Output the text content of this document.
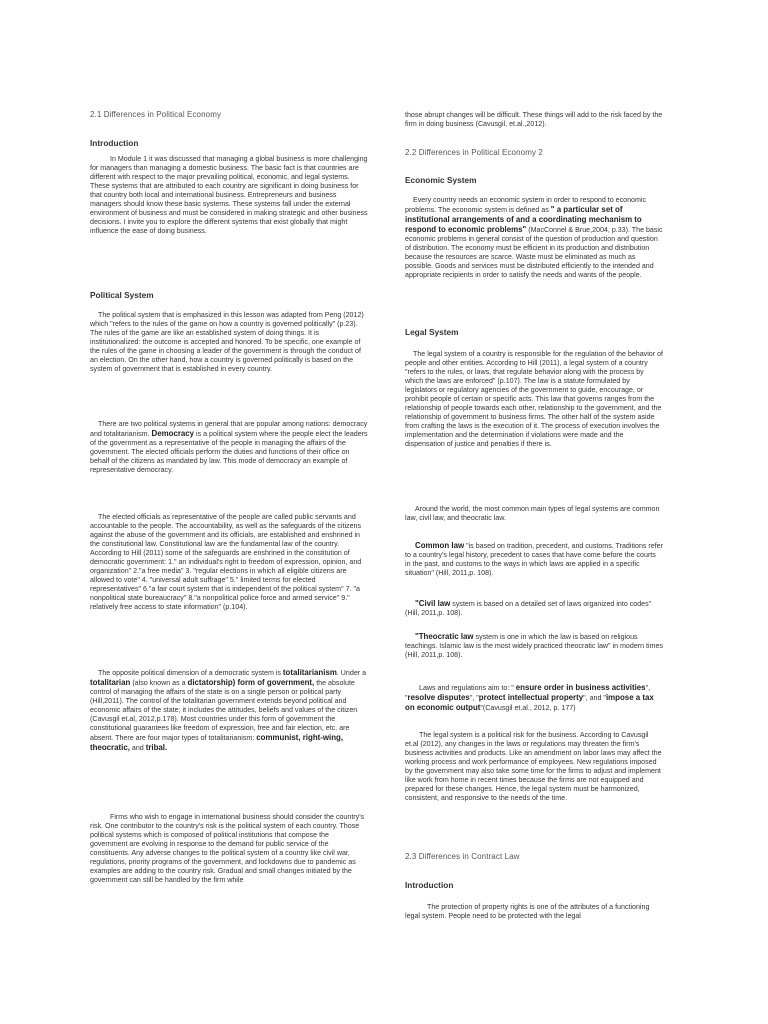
2.1 Differences in Political Economy
Introduction

In Module 1 it was discussed that managing a global business is more challenging for managers than managing a domestic business. The basic fact is that countries are different with respect to the major prevailing political, economic, and legal systems. These systems that are attributed to each country are significant in doing business for that country both local and international business. Entrepreneurs and business managers should know these basic systems. These systems fall under the external environment of business and must be considered in making strategic and other business decisions. I invite you to explore the different systems that exist globally that might influence the ease of doing business.

Political System

The political system that is emphasized in this lesson was adapted from Peng (2012) which "refers to the rules of the game on how a country is governed politically" (p.23). The rules of the game are like an established system of doing things. It is institutionalized: the outcome is accepted and honored. To be specific, one example of the rules of the game in choosing a leader of the government is through the conduct of an election. On the other hand, how a country is governed politically is based on the system of government that is established in every country.

There are two political systems in general that are popular among nations: democracy and totalitarianism. Democracy is a political system where the people elect the leaders of the government as a representative of the people in managing the affairs of the government. The elected officials perform the duties and functions of their office on behalf of the citizens as mandated by law. This mode of democracy an example of representative democracy.

The elected officials as representative of the people are called public servants and accountable to the people. The accountability, as well as the safeguards of the citizens against the abuse of the government and its officials, are established and enshrined in the constitutional law. Constitutional law are the fundamental law of the country. According to Hill (2011) some of the safeguards are enshrined in the constitution of democratic government: 1." an individual's right to freedom of expression, opinion, and organization" 2."a free media" 3. "regular elections in which all eligible citizens are allowed to vote" 4. "universal adult suffrage" 5." limited terms for elected representatives" 6."a fair court system that is independent of the political system" 7. "a nonpolitical state bureaucracy" 8."a nonpolitical police force and armed service" 9." relatively free access to state information" (p.104).

The opposite political dimension of a democratic system is totalitarianism. Under a totalitarian (also known as a dictatorship) form of government, the absolute control of managing the affairs of the state is on a single person or political party (Hill,2011). The control of the totalitarian government extends beyond political and economic affairs of the state; it includes the attitudes, beliefs and values of the citizen (Cavusgil et.al, 2012,p.178). Most countries under this form of government the constitutional guarantees like freedom of expression, free and fair election, etc. are absent. There are four major types of totalitarianism: communist, right-wing, theocratic, and tribal.

Firms who wish to engage in international business should consider the country's risk. One contributor to the country's risk is the political system of each country. Those political systems which is composed of political institutions that compose the government are evolving in response to the demand for public service of the constituents. Any adverse changes to the political system of a country like civil war, regulations, priority programs of the government, and lockdowns due to pandemic as examples are adding to the country risk. Gradual and small changes initiated by the government can still be handled by the firm while

those abrupt changes will be difficult. These things will add to the risk faced by the firm in doing business (Cavusgil, et.al.,2012).

2.2 Differences in Political Economy 2
Economic System

Every country needs an economic system in order to respond to economic problems. The economic system is defined as " a particular set of institutional arrangements of and a coordinating mechanism to respond to economic problems" (MacConnel & Brue,2004, p.33). The basic economic problems in general consist of the question of production and question of distribution. The economy must be efficient in its production and distribution because the resources are scarce. Waste must be eliminated as much as possible. Goods and services must be distributed efficiently to the intended and appropriate recipients in order to satisfy the needs and wants of the people.

Legal System

The legal system of a country is responsible for the regulation of the behavior of people and other entities. According to Hill (2011), a legal system of a country "refers to the rules, or laws, that regulate behavior along with the process by which the laws are enforced" (p.107). The law is a statute formulated by legislators or regulatory agencies of the government to guide, encourage, or prohibit people of certain or specific acts. This law that governs ranges from the relationship of people towards each other, relationship to the government, and the relationship of government to business firms. The other half of the system aside from crafting the laws is the execution of it. The process of execution involves the implementation and the determination if violations were made and the dispensation of justice and penalties if there is.

Around the world, the most common main types of legal systems are common law, civil law, and theocratic law.

Common law "is based on tradition, precedent, and customs. Traditions refer to a country's legal history, precedent to cases that have come before the courts in the past, and customs to the ways in which laws are applied in a specific situation" (Hill, 2011,p. 108).

"Civil law system is based on a detailed set of laws organized into codes" (Hill, 2011,p. 108).

"Theocratic law system is one in which the law is based on religious teachings. Islamic law is the most widely practiced theocratic law" in modern times (Hill, 2011,p. 108).

Laws and regulations aim to: " ensure order in business activities", "resolve disputes", "protect intellectual property", and "impose a tax on economic output"(Cavusgil et.al., 2012, p. 177)

The legal system is a political risk for the business. According to Cavusgil et.al (2012), any changes in the laws or regulations may threaten the firm's business activities and products. Like an amendment on labor laws may affect the working process and work performance of employees. New regulations imposed by the government may also take some time for the firms to adjust and implement like work from home in recent times because the firms are not equipped and prepared for these changes. Hence, the legal system must be harmonized, consistent, and responsive to the needs of the time.

2.3 Differences in Contract Law
Introduction

The protection of property rights is one of the attributes of a functioning legal system. People need to be protected with the legal
